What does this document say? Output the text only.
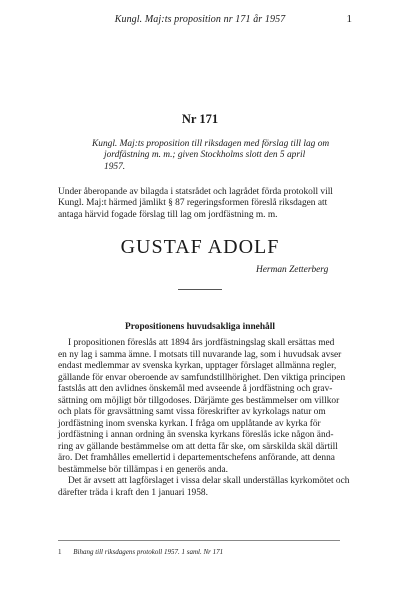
Kungl. Maj:ts proposition nr 171 år 1957	1
Nr 171
Kungl. Maj:ts proposition till riksdagen med förslag till lag om
jordfästning m. m.; given Stockholms slott den 5 april
1957.
Under åberopande av bilagda i statsrådet och lagrådet förda protokoll vill
Kungl. Maj:t härmed jämlikt § 87 regeringsformen föreslå riksdagen att
antaga härvid fogade förslag till lag om jordfästning m. m.
GUSTAF ADOLF
Herman Zetterberg
Propositionens huvudsakliga innehåll
I propositionen föreslås att 1894 års jordfästningslag skall ersättas med
en ny lag i samma ämne. I motsats till nuvarande lag, som i huvudsak avser
endast medlemmar av svenska kyrkan, upptager förslaget allmänna regler,
gällande för envar oberoende av samfundstillhörighet. Den viktiga principen
fastslås att den avlidnes önskemål med avseende å jordfästning och grav-
sättning om möjligt bör tillgodoses. Därjämte ges bestämmelser om villkor
och plats för gravsättning samt vissa föreskrifter av kyrkolags natur om
jordfästning inom svenska kyrkan. I fråga om upplåtande av kyrka för
jordfästning i annan ordning än svenska kyrkans föreslås icke någon änd-
ring av gällande bestämmelse om att detta får ske, om särskilda skäl därtill
äro. Det framhålles emellertid i departementschefens anförande, att denna
bestämmelse bör tillämpas i en generös anda.
Det är avsett att lagförslaget i vissa delar skall underställas kyrkomötet och
därefter träda i kraft den 1 januari 1958.
1 Bihang till riksdagens protokoll 1957. 1 saml. Nr 171
